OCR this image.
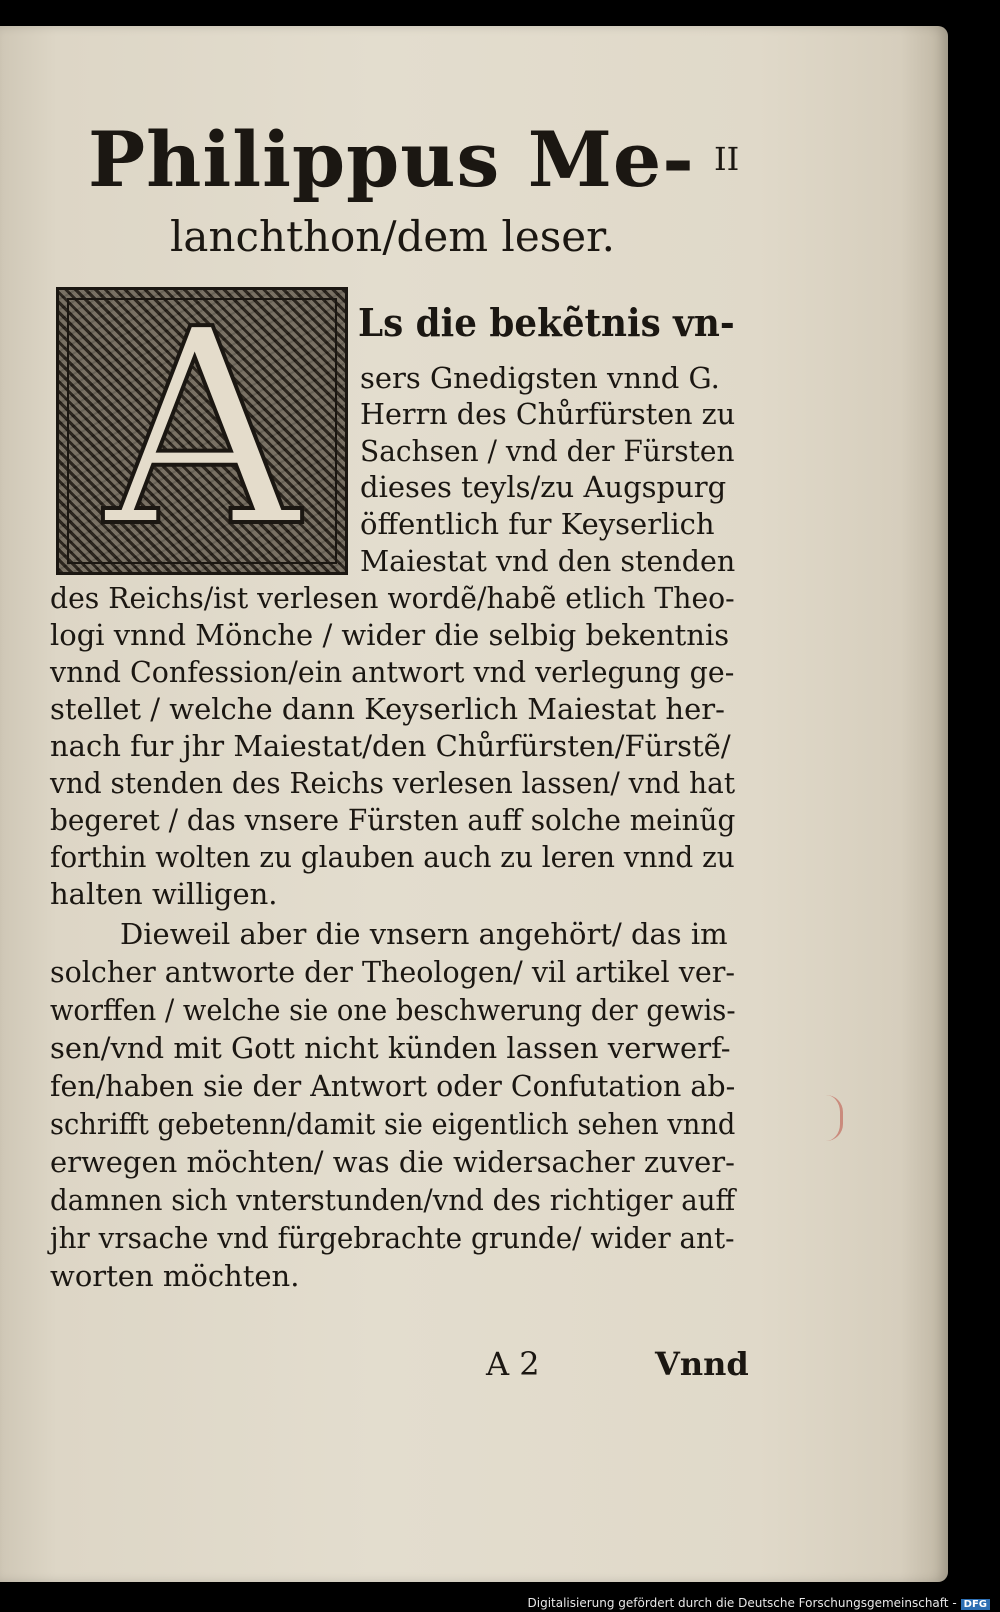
Philippus Me-
lanchthon/dem leser.
II
A	Ls die bekẽtnis vn-
sers Gnedigsten vnnd G.
Herrn des Chůrfürsten zu
Sachsen / vnd der Fürsten
dieses teyls/zu Augspurg
öffentlich fur Keyserlich
Maiestat vnd den stenden
des Reichs/ist verlesen wordẽ/habẽ etlich Theo-
logi vnnd Mönche / wider die selbig bekentnis
vnnd Confession/ein antwort vnd verlegung ge-
stellet / welche dann Keyserlich Maiestat her-
nach fur jhr Maiestat/den Chůrfürsten/Fürstẽ/
vnd stenden des Reichs verlesen lassen/ vnd hat
begeret / das vnsere Fürsten auff solche meinũg
forthin wolten zu glauben auch zu leren vnnd zu
halten willigen.
Dieweil aber die vnsern angehört/ das im
solcher antworte der Theologen/ vil artikel ver-
worffen / welche sie one beschwerung der gewis-
sen/vnd mit Gott nicht künden lassen verwerf-
fen/haben sie der Antwort oder Confutation ab-
schrifft gebetenn/damit sie eigentlich sehen vnnd
erwegen möchten/ was die widersacher zuver-
damnen sich vnterstunden/vnd des richtiger auff
jhr vrsache vnd fürgebrachte grunde/ wider ant-
worten möchten.
A 2	Vnnd
Digitalisierung gefördert durch die Deutsche Forschungsgemeinschaft - DFG
